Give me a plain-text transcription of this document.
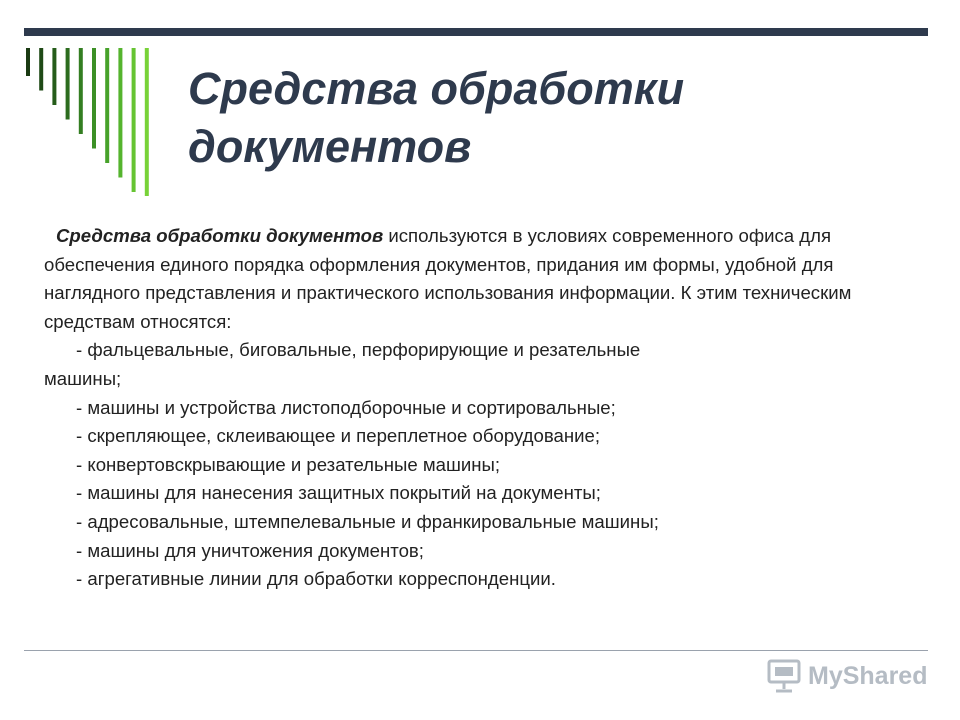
Средства обработки
документов

Средства обработки документов используются в условиях современного офиса для обеспечения единого порядка оформления документов, придания им формы, удобной для наглядного представления и практического использования информации. К этим техническим средствам относятся:

- фальцевальные, биговальные, перфорирующие и резательные

машины;

- машины и устройства листоподборочные и сортировальные;

- скрепляющее, склеивающее и переплетное оборудование;

- конвертовскрывающие и резательные машины;

- машины для нанесения защитных покрытий на документы;

- адресовальные, штемпелевальные и франкировальные машины;

- машины для уничтожения документов;

- агрегативные линии для обработки корреспонденции.

MyShared
